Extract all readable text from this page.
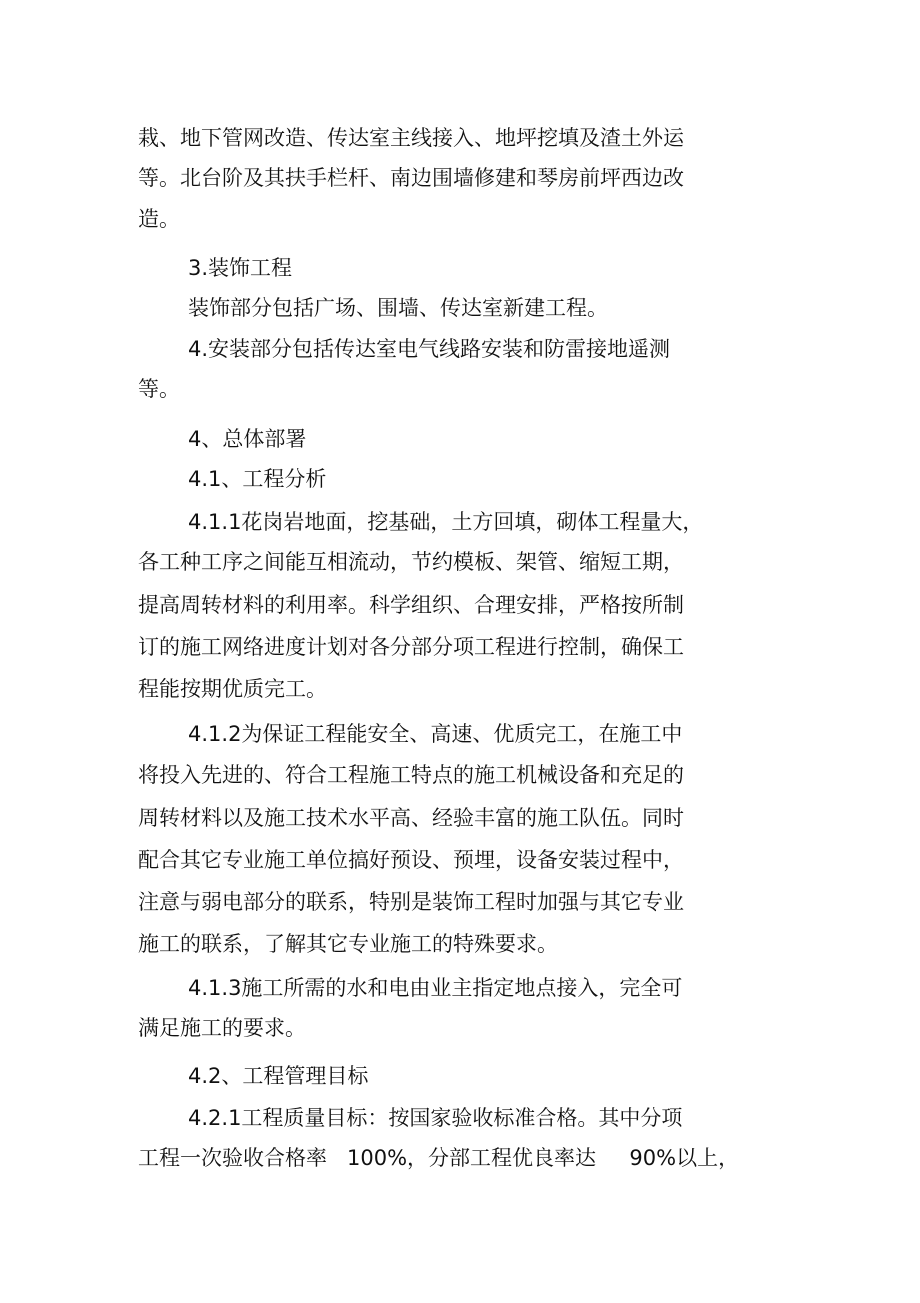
栽、地下管网改造、传达室主线接入、地坪挖填及渣土外运
等。北台阶及其扶手栏杆、南边围墙修建和琴房前坪西边改
造。
3.装饰工程
装饰部分包括广场、围墙、传达室新建工程。
4.安装部分包括传达室电气线路安装和防雷接地遥测
等。
4、总体部署
4.1、工程分析
4.1.1花岗岩地面，挖基础，土方回填，砌体工程量大，
各工种工序之间能互相流动，节约模板、架管、缩短工期，
提高周转材料的利用率。科学组织、合理安排，严格按所制
订的施工网络进度计划对各分部分项工程进行控制，确保工
程能按期优质完工。
4.1.2为保证工程能安全、高速、优质完工，在施工中
将投入先进的、符合工程施工特点的施工机械设备和充足的
周转材料以及施工技术水平高、经验丰富的施工队伍。同时
配合其它专业施工单位搞好预设、预埋，设备安装过程中，
注意与弱电部分的联系，特别是装饰工程时加强与其它专业
施工的联系，了解其它专业施工的特殊要求。
4.1.3施工所需的水和电由业主指定地点接入，完全可
满足施工的要求。
4.2、工程管理目标
4.2.1工程质量目标：按国家验收标准合格。其中分项
工程一次验收合格率   100%，分部工程优良率达     90%以上，
